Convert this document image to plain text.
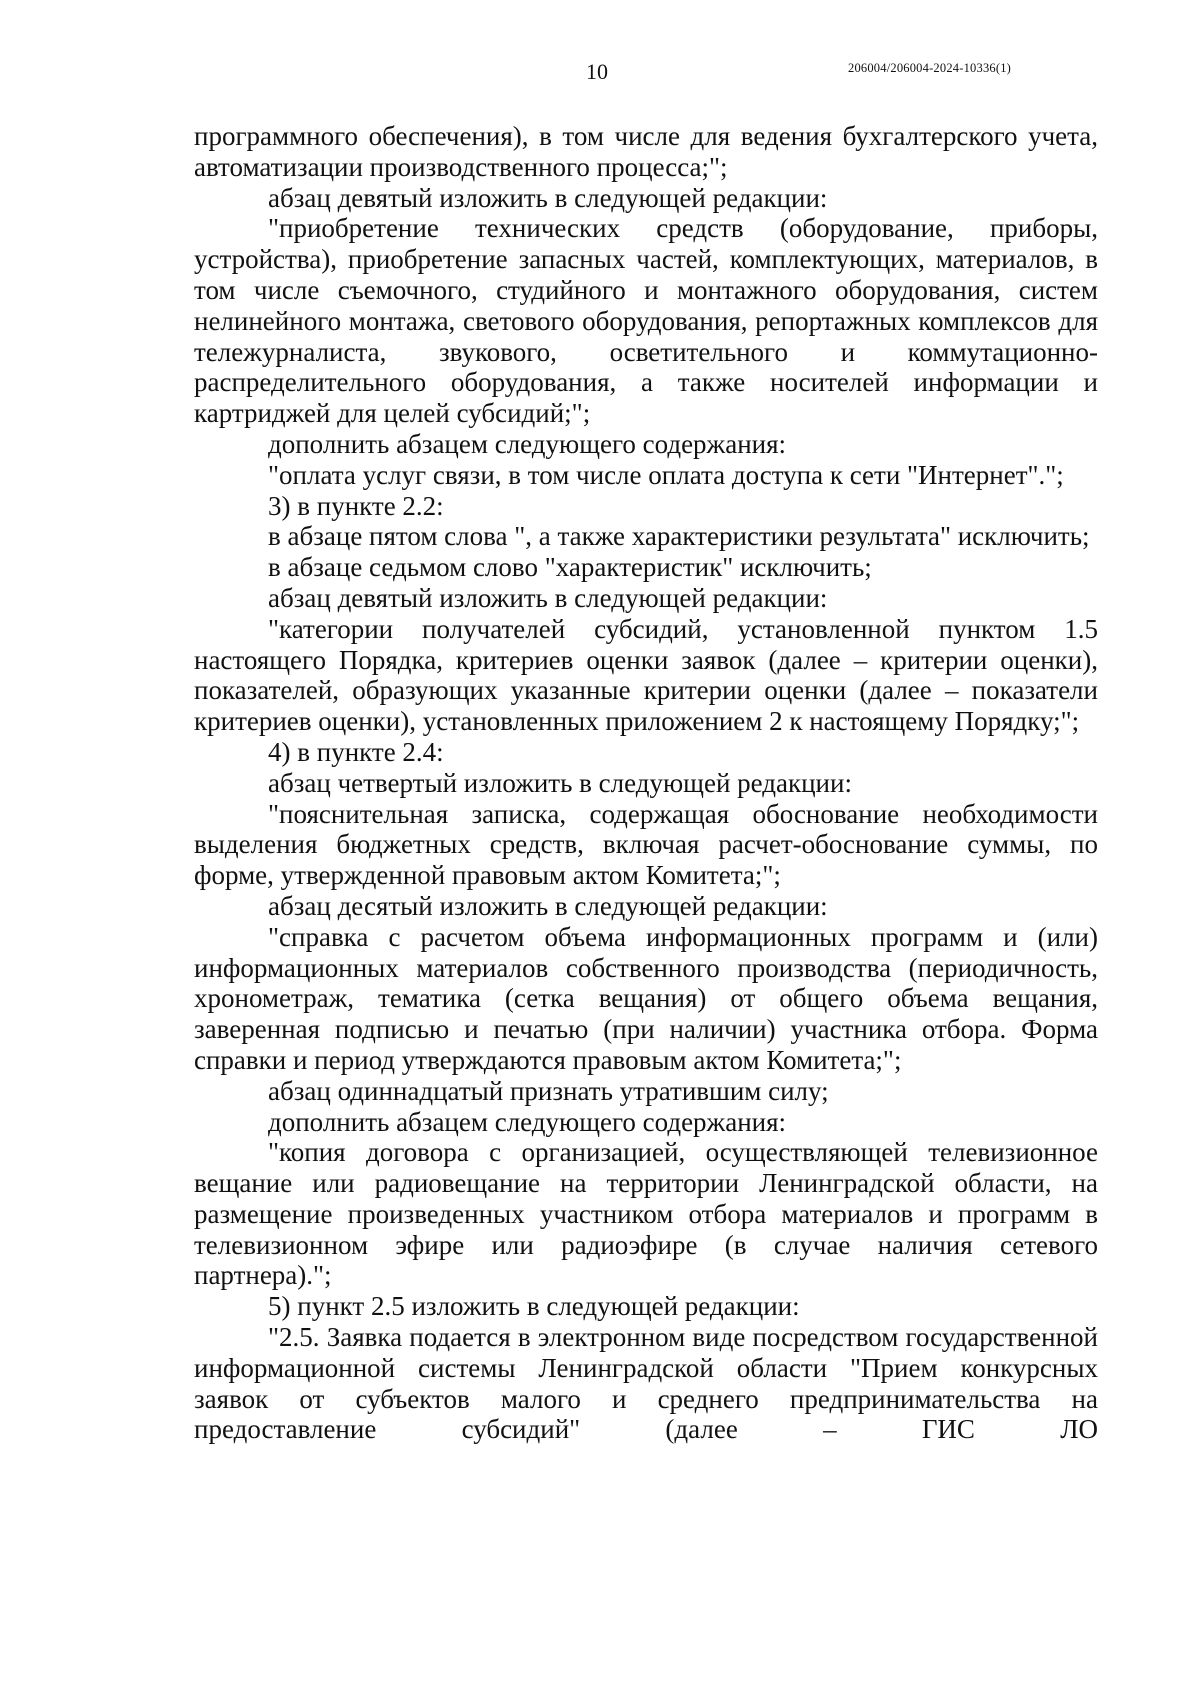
10	206004/206004-2024-10336(1)

программного обеспечения), в том числе для ведения бухгалтерского учета, автоматизации производственного процесса;";

абзац девятый изложить в следующей редакции:

"приобретение технических средств (оборудование, приборы, устройства), приобретение запасных частей, комплектующих, материалов, в том числе съемочного, студийного и монтажного оборудования, систем нелинейного монтажа, светового оборудования, репортажных комплексов для тележурналиста, звукового, осветительного и коммутационно-распределительного оборудования, а также носителей информации и картриджей для целей субсидий;";

дополнить абзацем следующего содержания:

"оплата услуг связи, в том числе оплата доступа к сети "Интернет".";

3) в пункте 2.2:

в абзаце пятом слова ", а также характеристики результата" исключить;

в абзаце седьмом слово "характеристик" исключить;

абзац девятый изложить в следующей редакции:

"категории получателей субсидий, установленной пунктом 1.5 настоящего Порядка, критериев оценки заявок (далее – критерии оценки), показателей, образующих указанные критерии оценки (далее – показатели критериев оценки), установленных приложением 2 к настоящему Порядку;";

4) в пункте 2.4:

абзац четвертый изложить в следующей редакции:

"пояснительная записка, содержащая обоснование необходимости выделения бюджетных средств, включая расчет-обоснование суммы, по форме, утвержденной правовым актом Комитета;";

абзац десятый изложить в следующей редакции:

"справка с расчетом объема информационных программ и (или) информационных материалов собственного производства (периодичность, хронометраж, тематика (сетка вещания) от общего объема вещания, заверенная подписью и печатью (при наличии) участника отбора. Форма справки и период утверждаются правовым актом Комитета;";

абзац одиннадцатый признать утратившим силу;

дополнить абзацем следующего содержания:

"копия договора с организацией, осуществляющей телевизионное вещание или радиовещание на территории Ленинградской области, на размещение произведенных участником отбора материалов и программ в телевизионном эфире или радиоэфире (в случае наличия сетевого партнера).";

5) пункт 2.5 изложить в следующей редакции:

"2.5. Заявка подается в электронном виде посредством государственной информационной системы Ленинградской области "Прием конкурсных заявок от субъектов малого и среднего предпринимательства на предоставление субсидий" (далее – ГИС ЛО
